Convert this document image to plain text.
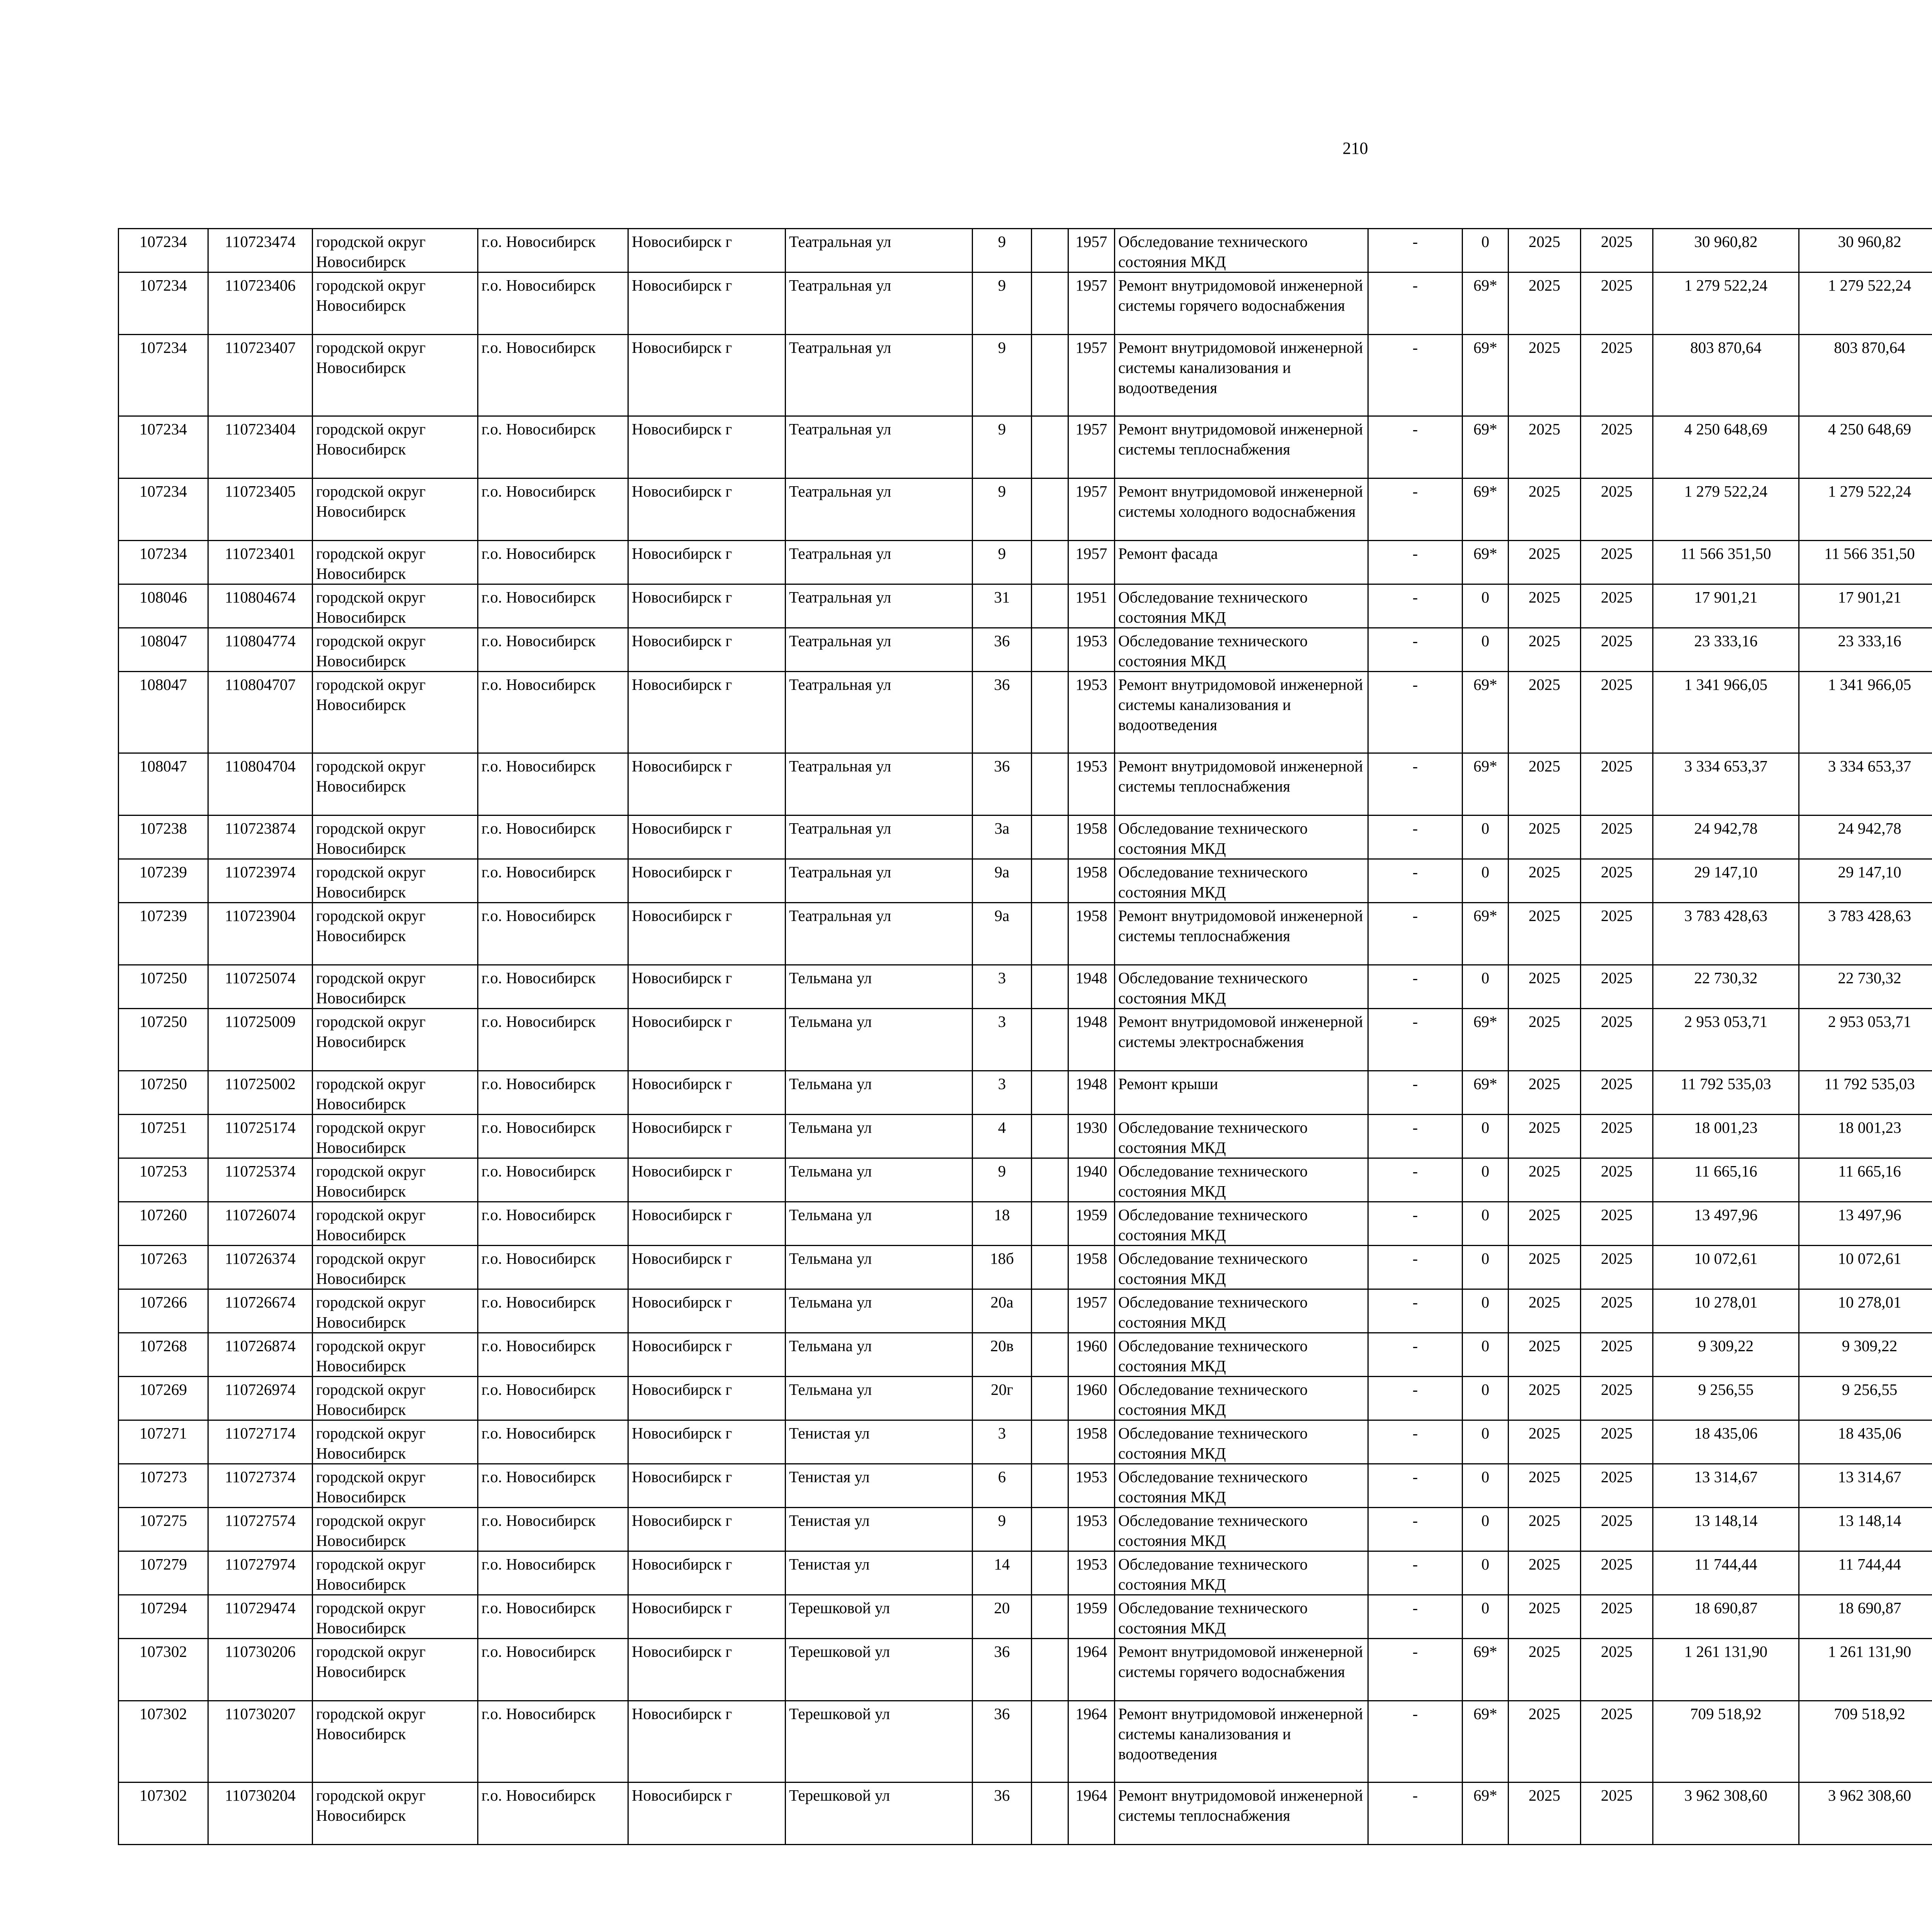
210
107234	110723474	городской округ Новосибирск	г.о. Новосибирск	Новосибирск г	Театральная ул	9		1957	Обследование технического состояния МКД	-	0	2025	2025	30 960,82	30 960,82						
107234	110723406	городской округ Новосибирск	г.о. Новосибирск	Новосибирск г	Театральная ул	9		1957	Ремонт внутридомовой инженерной системы горячего водоснабжения	-	69*	2025	2025	1 279 522,24	1 279 522,24						
107234	110723407	городской округ Новосибирск	г.о. Новосибирск	Новосибирск г	Театральная ул	9		1957	Ремонт внутридомовой инженерной системы канализования и водоотведения	-	69*	2025	2025	803 870,64	803 870,64						
107234	110723404	городской округ Новосибирск	г.о. Новосибирск	Новосибирск г	Театральная ул	9		1957	Ремонт внутридомовой инженерной системы теплоснабжения	-	69*	2025	2025	4 250 648,69	4 250 648,69						
107234	110723405	городской округ Новосибирск	г.о. Новосибирск	Новосибирск г	Театральная ул	9		1957	Ремонт внутридомовой инженерной системы холодного водоснабжения	-	69*	2025	2025	1 279 522,24	1 279 522,24						
107234	110723401	городской округ Новосибирск	г.о. Новосибирск	Новосибирск г	Театральная ул	9		1957	Ремонт фасада	-	69*	2025	2025	11 566 351,50	11 566 351,50						
108046	110804674	городской округ Новосибирск	г.о. Новосибирск	Новосибирск г	Театральная ул	31		1951	Обследование технического состояния МКД	-	0	2025	2025	17 901,21	17 901,21						
108047	110804774	городской округ Новосибирск	г.о. Новосибирск	Новосибирск г	Театральная ул	36		1953	Обследование технического состояния МКД	-	0	2025	2025	23 333,16	23 333,16						
108047	110804707	городской округ Новосибирск	г.о. Новосибирск	Новосибирск г	Театральная ул	36		1953	Ремонт внутридомовой инженерной системы канализования и водоотведения	-	69*	2025	2025	1 341 966,05	1 341 966,05						
108047	110804704	городской округ Новосибирск	г.о. Новосибирск	Новосибирск г	Театральная ул	36		1953	Ремонт внутридомовой инженерной системы теплоснабжения	-	69*	2025	2025	3 334 653,37	3 334 653,37						
107238	110723874	городской округ Новосибирск	г.о. Новосибирск	Новосибирск г	Театральная ул	3а		1958	Обследование технического состояния МКД	-	0	2025	2025	24 942,78	24 942,78						
107239	110723974	городской округ Новосибирск	г.о. Новосибирск	Новосибирск г	Театральная ул	9а		1958	Обследование технического состояния МКД	-	0	2025	2025	29 147,10	29 147,10						
107239	110723904	городской округ Новосибирск	г.о. Новосибирск	Новосибирск г	Театральная ул	9а		1958	Ремонт внутридомовой инженерной системы теплоснабжения	-	69*	2025	2025	3 783 428,63	3 783 428,63						
107250	110725074	городской округ Новосибирск	г.о. Новосибирск	Новосибирск г	Тельмана ул	3		1948	Обследование технического состояния МКД	-	0	2025	2025	22 730,32	22 730,32						
107250	110725009	городской округ Новосибирск	г.о. Новосибирск	Новосибирск г	Тельмана ул	3		1948	Ремонт внутридомовой инженерной системы электроснабжения	-	69*	2025	2025	2 953 053,71	2 953 053,71						
107250	110725002	городской округ Новосибирск	г.о. Новосибирск	Новосибирск г	Тельмана ул	3		1948	Ремонт крыши	-	69*	2025	2025	11 792 535,03	11 792 535,03						
107251	110725174	городской округ Новосибирск	г.о. Новосибирск	Новосибирск г	Тельмана ул	4		1930	Обследование технического состояния МКД	-	0	2025	2025	18 001,23	18 001,23						
107253	110725374	городской округ Новосибирск	г.о. Новосибирск	Новосибирск г	Тельмана ул	9		1940	Обследование технического состояния МКД	-	0	2025	2025	11 665,16	11 665,16						
107260	110726074	городской округ Новосибирск	г.о. Новосибирск	Новосибирск г	Тельмана ул	18		1959	Обследование технического состояния МКД	-	0	2025	2025	13 497,96	13 497,96						
107263	110726374	городской округ Новосибирск	г.о. Новосибирск	Новосибирск г	Тельмана ул	18б		1958	Обследование технического состояния МКД	-	0	2025	2025	10 072,61	10 072,61						
107266	110726674	городской округ Новосибирск	г.о. Новосибирск	Новосибирск г	Тельмана ул	20а		1957	Обследование технического состояния МКД	-	0	2025	2025	10 278,01	10 278,01						
107268	110726874	городской округ Новосибирск	г.о. Новосибирск	Новосибирск г	Тельмана ул	20в		1960	Обследование технического состояния МКД	-	0	2025	2025	9 309,22	9 309,22						
107269	110726974	городской округ Новосибирск	г.о. Новосибирск	Новосибирск г	Тельмана ул	20г		1960	Обследование технического состояния МКД	-	0	2025	2025	9 256,55	9 256,55						
107271	110727174	городской округ Новосибирск	г.о. Новосибирск	Новосибирск г	Тенистая ул	3		1958	Обследование технического состояния МКД	-	0	2025	2025	18 435,06	18 435,06						
107273	110727374	городской округ Новосибирск	г.о. Новосибирск	Новосибирск г	Тенистая ул	6		1953	Обследование технического состояния МКД	-	0	2025	2025	13 314,67	13 314,67						
107275	110727574	городской округ Новосибирск	г.о. Новосибирск	Новосибирск г	Тенистая ул	9		1953	Обследование технического состояния МКД	-	0	2025	2025	13 148,14	13 148,14						
107279	110727974	городской округ Новосибирск	г.о. Новосибирск	Новосибирск г	Тенистая ул	14		1953	Обследование технического состояния МКД	-	0	2025	2025	11 744,44	11 744,44						
107294	110729474	городской округ Новосибирск	г.о. Новосибирск	Новосибирск г	Терешковой ул	20		1959	Обследование технического состояния МКД	-	0	2025	2025	18 690,87	18 690,87						
107302	110730206	городской округ Новосибирск	г.о. Новосибирск	Новосибирск г	Терешковой ул	36		1964	Ремонт внутридомовой инженерной системы горячего водоснабжения	-	69*	2025	2025	1 261 131,90	1 261 131,90						
107302	110730207	городской округ Новосибирск	г.о. Новосибирск	Новосибирск г	Терешковой ул	36		1964	Ремонт внутридомовой инженерной системы канализования и водоотведения	-	69*	2025	2025	709 518,92	709 518,92						
107302	110730204	городской округ Новосибирск	г.о. Новосибирск	Новосибирск г	Терешковой ул	36		1964	Ремонт внутридомовой инженерной системы теплоснабжения	-	69*	2025	2025	3 962 308,60	3 962 308,60						
